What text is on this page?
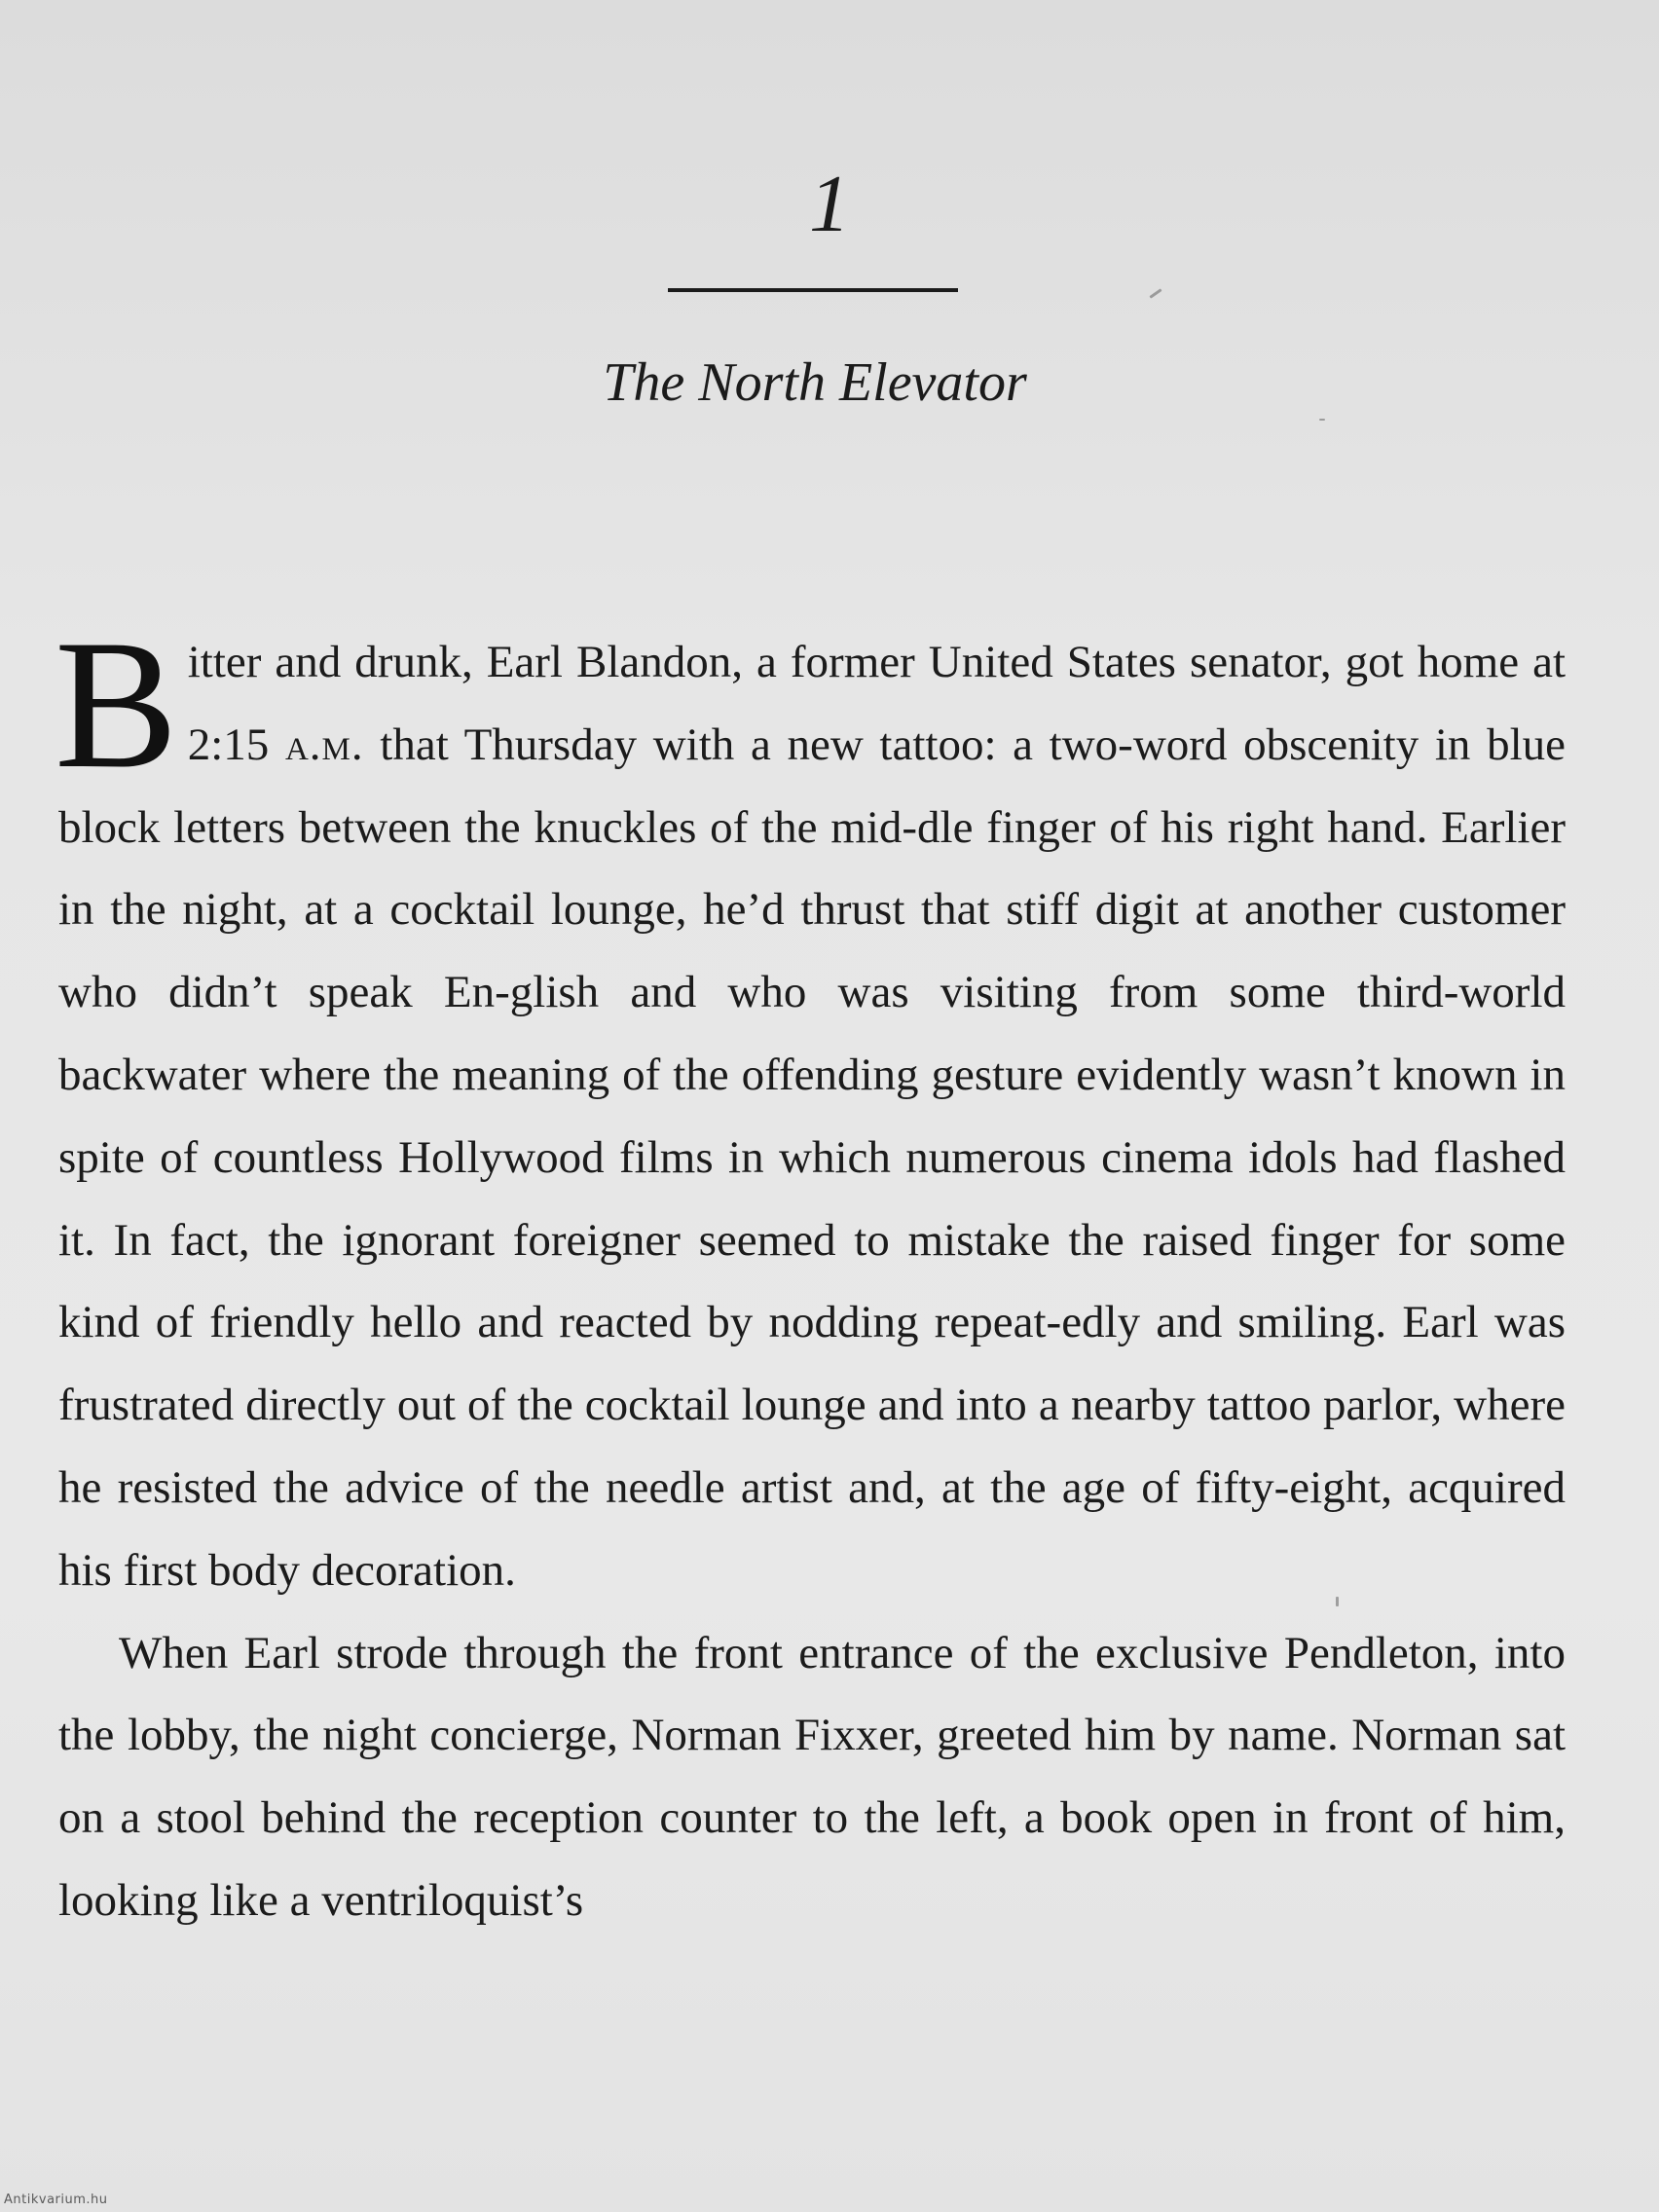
1
The North Elevator

Bitter and drunk, Earl Blandon, a former United States senator, got home at 2:15 a.m. that Thursday with a new tattoo: a two-word obscenity in blue block letters between the knuckles of the mid-dle finger of his right hand. Earlier in the night, at a cocktail lounge, he’d thrust that stiff digit at another customer who didn’t speak En-glish and who was visiting from some third-world backwater where the meaning of the offending gesture evidently wasn’t known in spite of countless Hollywood films in which numerous cinema idols had flashed it. In fact, the ignorant foreigner seemed to mistake the raised finger for some kind of friendly hello and reacted by nodding repeat-edly and smiling. Earl was frustrated directly out of the cocktail lounge and into a nearby tattoo parlor, where he resisted the advice of the needle artist and, at the age of fifty-eight, acquired his first body decoration.

When Earl strode through the front entrance of the exclusive Pendleton, into the lobby, the night concierge, Norman Fixxer, greeted him by name. Norman sat on a stool behind the reception counter to the left, a book open in front of him, looking like a ventriloquist’s

Antikvarium.hu
